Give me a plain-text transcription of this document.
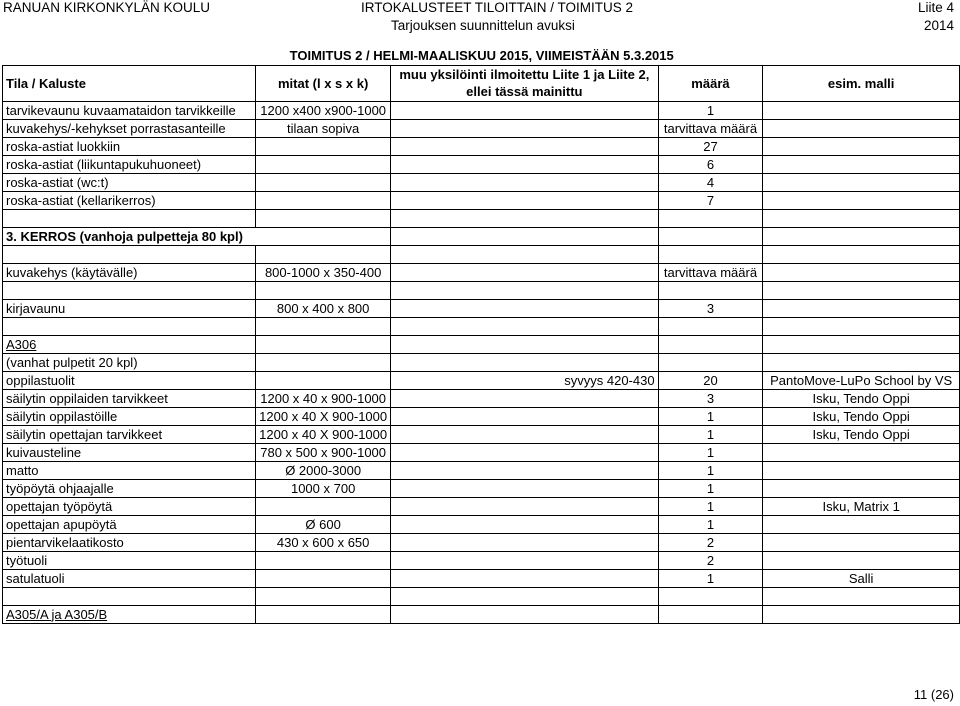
RANUAN KIRKONKYLÄN KOULU	IRTOKALUSTEET TILOITTAIN / TOIMITUS 2
Tarjouksen suunnittelun avuksi
Liite 4
2014
	TOIMITUS 2 / HELMI-MAALISKUU 2015, VIIMEISTÄÄN 5.3.2015			
Tila / Kaluste	mitat (l x s x k)	muu yksilöinti ilmoitettu Liite 1 ja Liite 2,
ellei tässä mainittu	määrä	esim. malli
tarvikevaunu kuvaamataidon tarvikkeille	1200 x400 x900-1000		1	
kuvakehys/-kehykset porrastasanteille	tilaan sopiva		tarvittava määrä	
roska-astiat luokkiin			27	
roska-astiat (liikuntapukuhuoneet)			6	
roska-astiat (wc:t)			4	
roska-astiat (kellarikerros)			7	

3. KERROS (vanhoja pulpetteja 80 kpl)				

kuvakehys (käytävälle)	800-1000 x 350-400		tarvittava määrä	

kirjavaunu	800 x 400 x 800		3	

A306				
(vanhat pulpetit 20 kpl)				
oppilastuolit		syvyys 420-430	20	PantoMove-LuPo School by VS
säilytin oppilaiden tarvikkeet	1200 x 40 x 900-1000		3	Isku, Tendo Oppi
säilytin oppilastöille	1200 x 40 X 900-1000		1	Isku, Tendo Oppi
säilytin opettajan tarvikkeet	1200 x 40 X 900-1000		1	Isku, Tendo Oppi
kuivausteline	780 x 500 x 900-1000		1	
matto	Ø 2000-3000		1	
työpöytä ohjaajalle	1000 x 700		1	
opettajan työpöytä			1	Isku, Matrix 1
opettajan apupöytä	Ø 600		1	
pientarvikelaatikosto	430 x 600 x 650		2	
työtuoli			2	
satulatuoli			1	Salli

A305/A ja A305/B				
11 (26)
